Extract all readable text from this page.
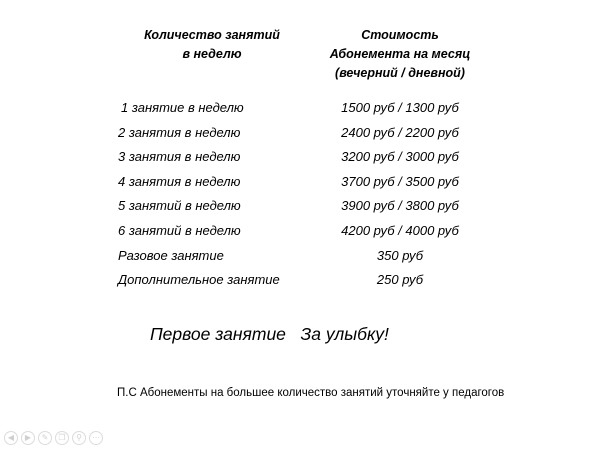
Количество занятий
в неделю
Стоимость
Абонемента на месяц
(вечерний / дневной)
1 занятие в неделю	1500 руб / 1300 руб
2 занятия в неделю	2400 руб / 2200 руб
3 занятия в неделю	3200 руб / 3000 руб
4 занятия в неделю	3700 руб / 3500 руб
5 занятий в неделю	3900 руб / 3800 руб
6 занятий в неделю	4200 руб / 4000 руб
Разовое занятие	350 руб
Дополнительное занятие	250 руб
Первое занятие   За улыбку!
П.С Абонементы на большее количество занятий уточняйте у педагогов
◀	▶	✎	❐	⚲	⋯
